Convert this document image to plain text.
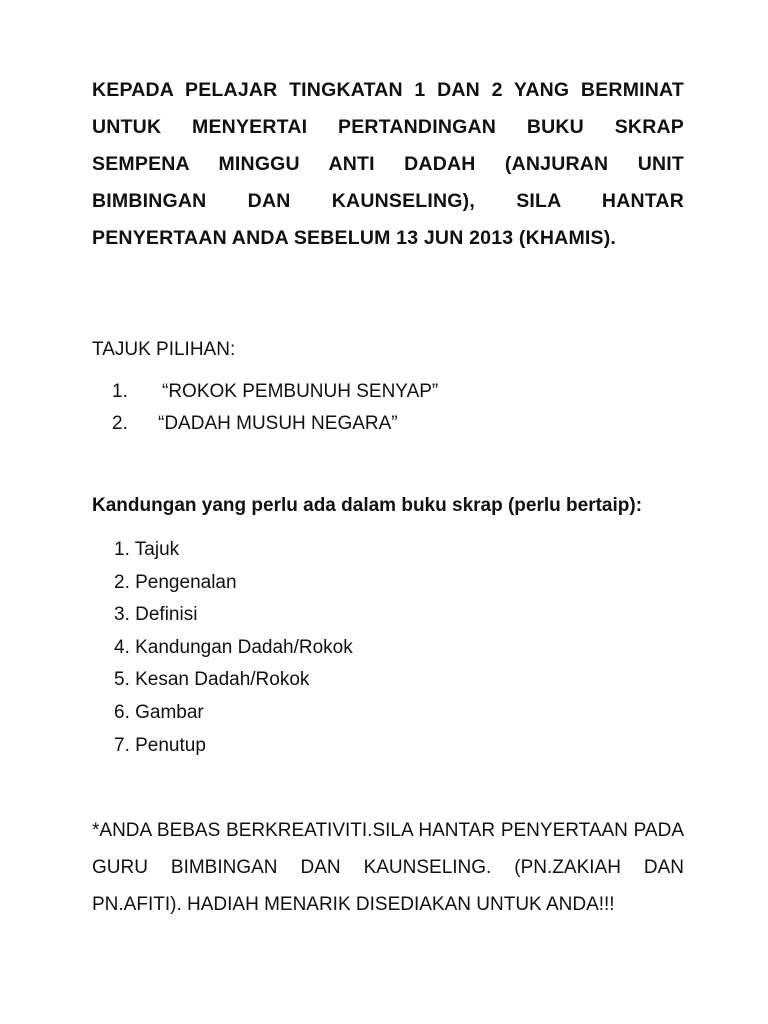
KEPADA PELAJAR TINGKATAN 1 DAN 2 YANG BERMINAT
UNTUK MENYERTAI PERTANDINGAN BUKU SKRAP
SEMPENA MINGGU ANTI DADAH (ANJURAN UNIT
BIMBINGAN DAN KAUNSELING), SILA HANTAR
PENYERTAAN ANDA SEBELUM 13 JUN 2013 (KHAMIS).
TAJUK PILIHAN:
1. “ROKOK PEMBUNUH SENYAP”
2. “DADAH MUSUH NEGARA”
Kandungan yang perlu ada dalam buku skrap (perlu bertaip):
1. Tajuk
2. Pengenalan
3. Definisi
4. Kandungan Dadah/Rokok
5. Kesan Dadah/Rokok
6. Gambar
7. Penutup
*ANDA BEBAS BERKREATIVITI.SILA HANTAR PENYERTAAN PADA
GURU BIMBINGAN DAN KAUNSELING. (PN.ZAKIAH DAN
PN.AFITI). HADIAH MENARIK DISEDIAKAN UNTUK ANDA!!!
